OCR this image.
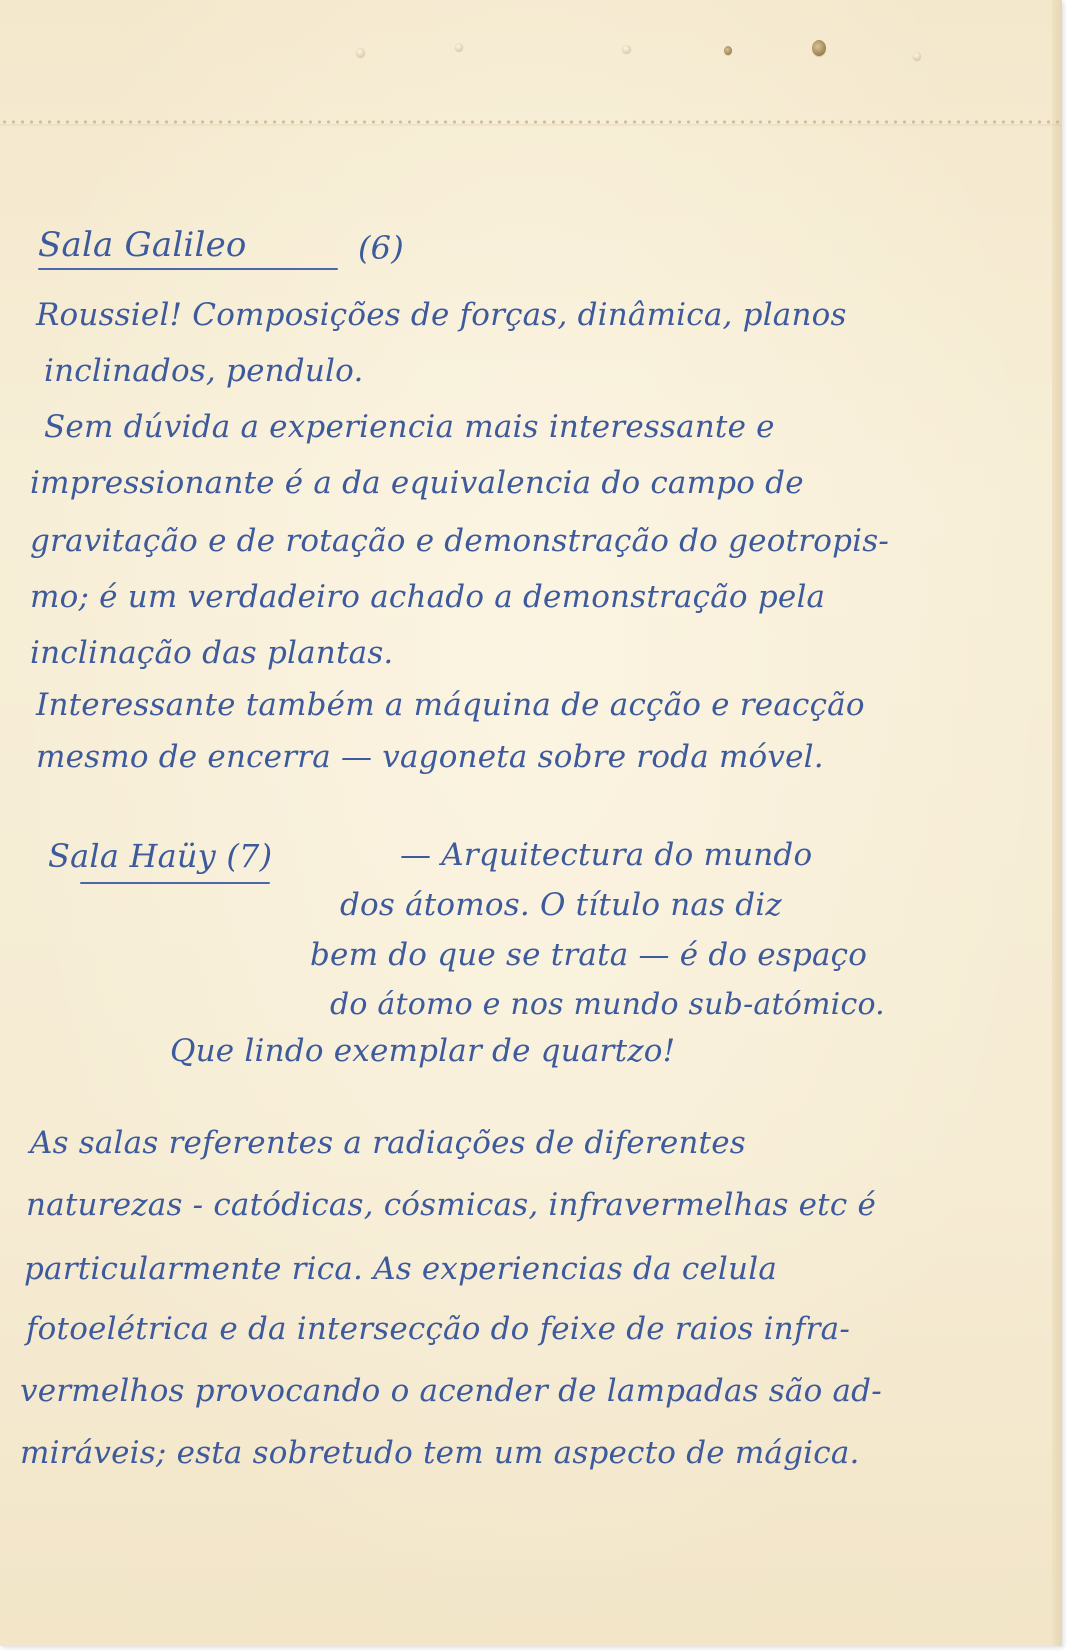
Sala Galileo	(6)
Roussiel! Composições de forças, dinâmica, planos
inclinados, pendulo.
Sem dúvida a experiencia mais interessante e
impressionante é a da equivalencia do campo de
gravitação e de rotação e demonstração do geotropis-
mo; é um verdadeiro achado a demonstração pela
inclinação das plantas.
Interessante também a máquina de acção e reacção
mesmo de encerra — vagoneta sobre roda móvel.
Sala Haüy (7)	— Arquitectura do mundo
dos átomos. O título nas diz
bem do que se trata — é do espaço
do átomo e nos mundo sub-atómico.
Que lindo exemplar de quartzo!
As salas referentes a radiações de diferentes
naturezas - catódicas, cósmicas, infravermelhas etc é
particularmente rica. As experiencias da celula
fotoelétrica e da intersecção do feixe de raios infra-
vermelhos provocando o acender de lampadas são ad-
miráveis; esta sobretudo tem um aspecto de mágica.
